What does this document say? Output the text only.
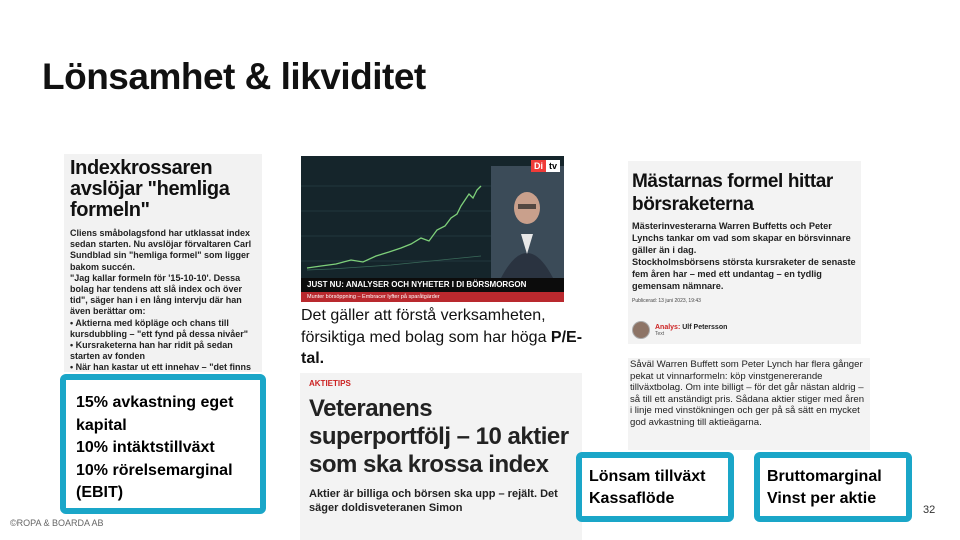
Lönsamhet & likviditet
Indexkrossaren avslöjar "hemliga formeln"
Cliens småbolagsfond har utklassat index sedan starten. Nu avslöjar förvaltaren Carl Sundblad sin "hemliga formel" som ligger bakom succén.
"Jag kallar formeln för '15-10-10'. Dessa bolag har tendens att slå index och över tid", säger han i en lång intervju där han även berättar om:
• Aktierna med köpläge och chans till kursdubbling – "ett fynd på dessa nivåer"
• Kursraketerna han har ridit på sedan starten av fonden
• När han kastar ut ett innehav – "det finns

15% avkastning eget kapital
10% intäktstillväxt
10% rörelsemarginal (EBIT)
Di tv
JUST NU: ANALYSER OCH NYHETER I DI BÖRSMORGON
Munter börsöppning – Embracer lyfter på sparåtgärder
Det gäller att förstå verksamheten, försiktiga med bolag som har höga P/E-tal.
AKTIETIPS
Veteranens superportfölj – 10 aktier som ska krossa index
Aktier är billiga och börsen ska upp – rejält. Det säger doldisveteranen Simon
Mästarnas formel hittar börsraketerna
Mästerinvesterarna Warren Buffetts och Peter Lynchs tankar om vad som skapar en börsvinnare gäller än i dag.
Stockholmsbörsens största kursraketer de senaste fem åren har – med ett undantag – en tydlig gemensam nämnare.
Publicerad: 13 juni 2023, 19:43
Analys: Ulf Petersson
Text
Såväl Warren Buffett som Peter Lynch har flera gånger pekat ut vinnarformeln: köp vinstgenererande tillväxtbolag. Om inte billigt – för det går nästan aldrig – så till ett anständigt pris. Sådana aktier stiger med åren i linje med vinstökningen och ger på så sätt en mycket god avkastning till aktieägarna.
Lönsam tillväxt
Kassaflöde
Bruttomarginal
Vinst per aktie
©ROPA & BOARDA AB
32
